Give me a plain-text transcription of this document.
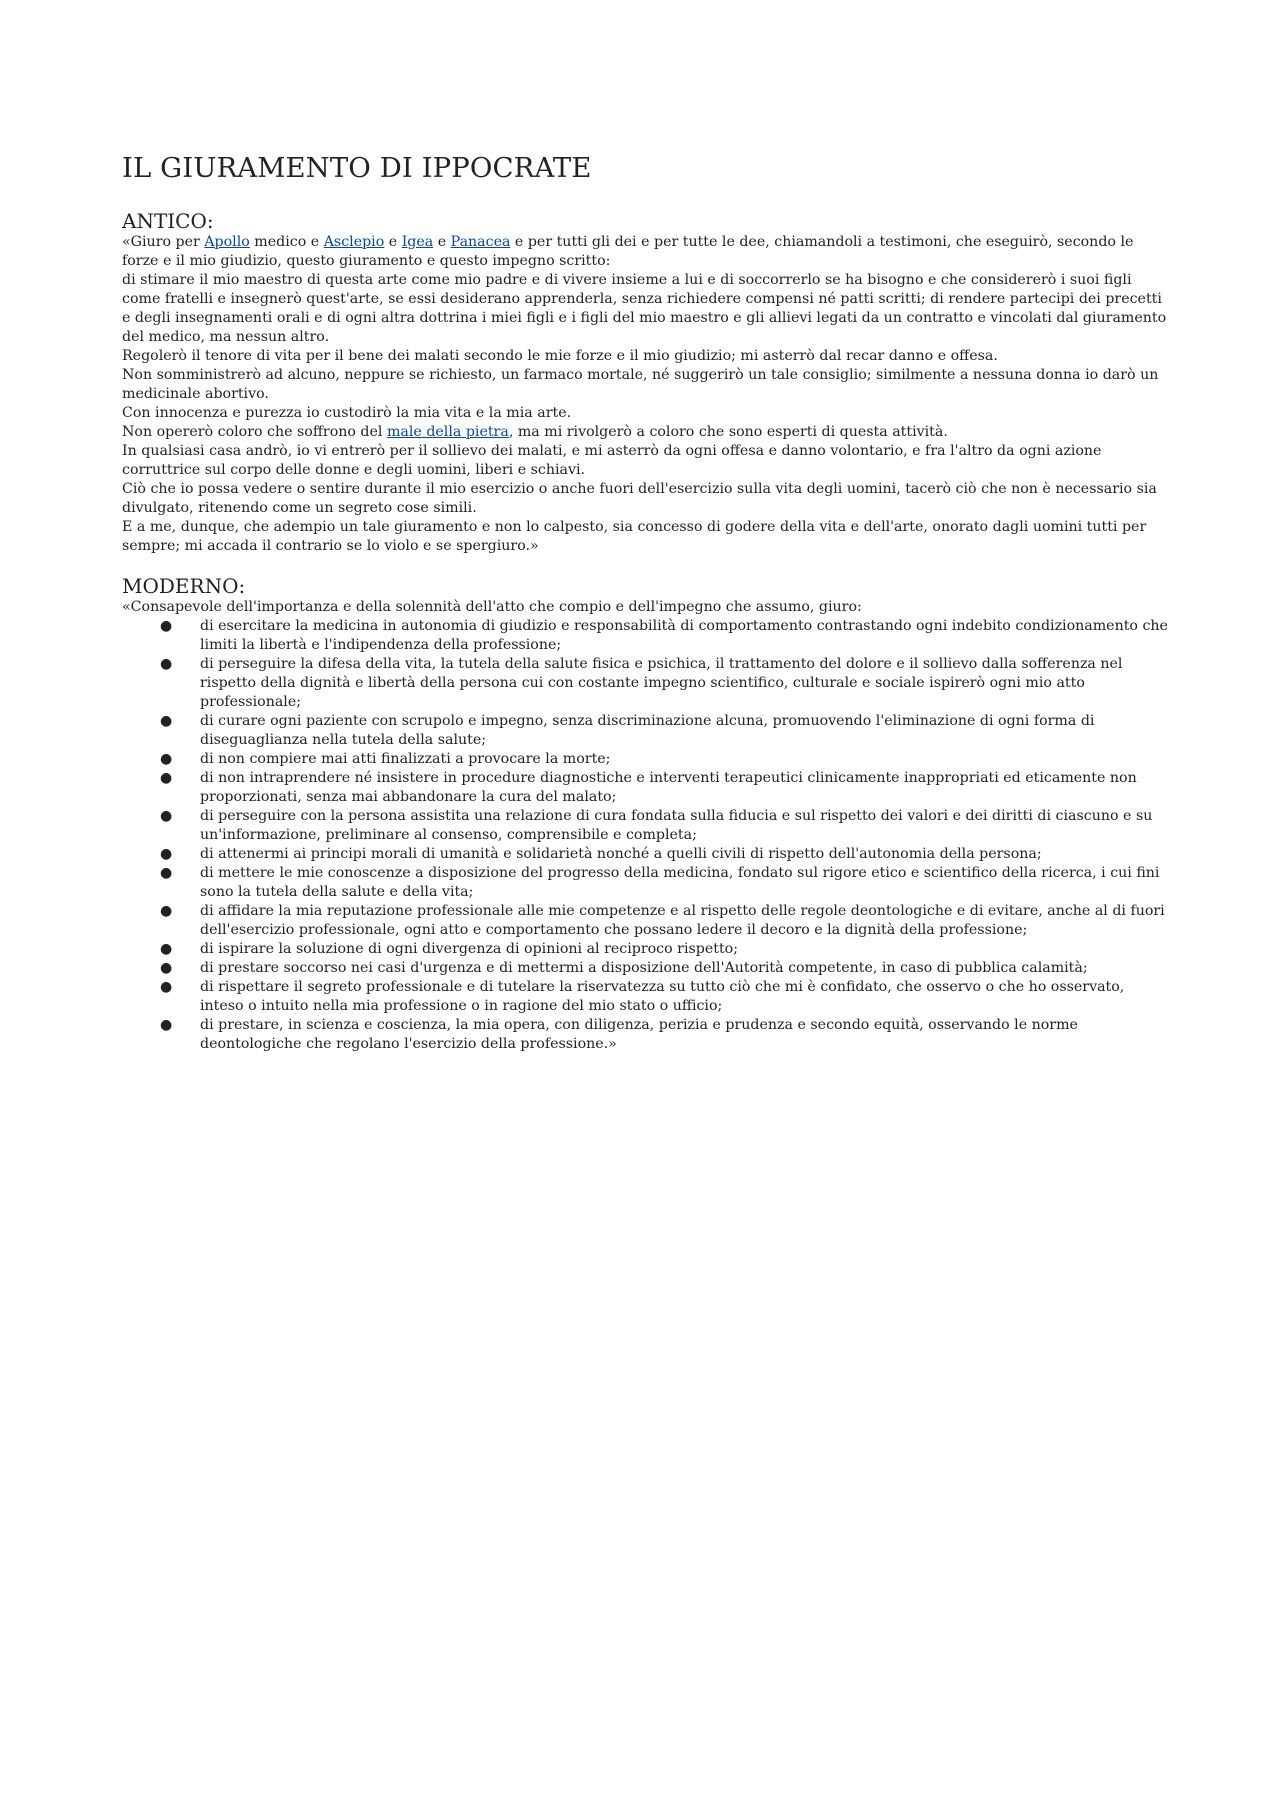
IL GIURAMENTO DI IPPOCRATE
ANTICO:

«Giuro per Apollo medico e Asclepio e Igea e Panacea e per tutti gli dei e per tutte le dee, chiamandoli a testimoni, che eseguirò, secondo le forze e il mio giudizio, questo giuramento e questo impegno scritto:

di stimare il mio maestro di questa arte come mio padre e di vivere insieme a lui e di soccorrerlo se ha bisogno e che considererò i suoi figli come fratelli e insegnerò quest'arte, se essi desiderano apprenderla, senza richiedere compensi né patti scritti; di rendere partecipi dei precetti e degli insegnamenti orali e di ogni altra dottrina i miei figli e i figli del mio maestro e gli allievi legati da un contratto e vincolati dal giuramento del medico, ma nessun altro.

Regolerò il tenore di vita per il bene dei malati secondo le mie forze e il mio giudizio; mi asterrò dal recar danno e offesa.

Non somministrerò ad alcuno, neppure se richiesto, un farmaco mortale, né suggerirò un tale consiglio; similmente a nessuna donna io darò un medicinale abortivo.

Con innocenza e purezza io custodirò la mia vita e la mia arte.

Non opererò coloro che soffrono del male della pietra, ma mi rivolgerò a coloro che sono esperti di questa attività.

In qualsiasi casa andrò, io vi entrerò per il sollievo dei malati, e mi asterrò da ogni offesa e danno volontario, e fra l'altro da ogni azione corruttrice sul corpo delle donne e degli uomini, liberi e schiavi.

Ciò che io possa vedere o sentire durante il mio esercizio o anche fuori dell'esercizio sulla vita degli uomini, tacerò ciò che non è necessario sia divulgato, ritenendo come un segreto cose simili.

E a me, dunque, che adempio un tale giuramento e non lo calpesto, sia concesso di godere della vita e dell'arte, onorato dagli uomini tutti per sempre; mi accada il contrario se lo violo e se spergiuro.»

MODERNO:

«Consapevole dell'importanza e della solennità dell'atto che compio e dell'impegno che assumo, giuro:

● di esercitare la medicina in autonomia di giudizio e responsabilità di comportamento contrastando ogni indebito condizionamento che limiti la libertà e l'indipendenza della professione;
● di perseguire la difesa della vita, la tutela della salute fisica e psichica, il trattamento del dolore e il sollievo dalla sofferenza nel rispetto della dignità e libertà della persona cui con costante impegno scientifico, culturale e sociale ispirerò ogni mio atto professionale;
● di curare ogni paziente con scrupolo e impegno, senza discriminazione alcuna, promuovendo l'eliminazione di ogni forma di diseguaglianza nella tutela della salute;
● di non compiere mai atti finalizzati a provocare la morte;
● di non intraprendere né insistere in procedure diagnostiche e interventi terapeutici clinicamente inappropriati ed eticamente non proporzionati, senza mai abbandonare la cura del malato;
● di perseguire con la persona assistita una relazione di cura fondata sulla fiducia e sul rispetto dei valori e dei diritti di ciascuno e su un'informazione, preliminare al consenso, comprensibile e completa;
● di attenermi ai principi morali di umanità e solidarietà nonché a quelli civili di rispetto dell'autonomia della persona;
● di mettere le mie conoscenze a disposizione del progresso della medicina, fondato sul rigore etico e scientifico della ricerca, i cui fini sono la tutela della salute e della vita;
● di affidare la mia reputazione professionale alle mie competenze e al rispetto delle regole deontologiche e di evitare, anche al di fuori dell'esercizio professionale, ogni atto e comportamento che possano ledere il decoro e la dignità della professione;
● di ispirare la soluzione di ogni divergenza di opinioni al reciproco rispetto;
● di prestare soccorso nei casi d'urgenza e di mettermi a disposizione dell'Autorità competente, in caso di pubblica calamità;
● di rispettare il segreto professionale e di tutelare la riservatezza su tutto ciò che mi è confidato, che osservo o che ho osservato, inteso o intuito nella mia professione o in ragione del mio stato o ufficio;
● di prestare, in scienza e coscienza, la mia opera, con diligenza, perizia e prudenza e secondo equità, osservando le norme deontologiche che regolano l'esercizio della professione.»
